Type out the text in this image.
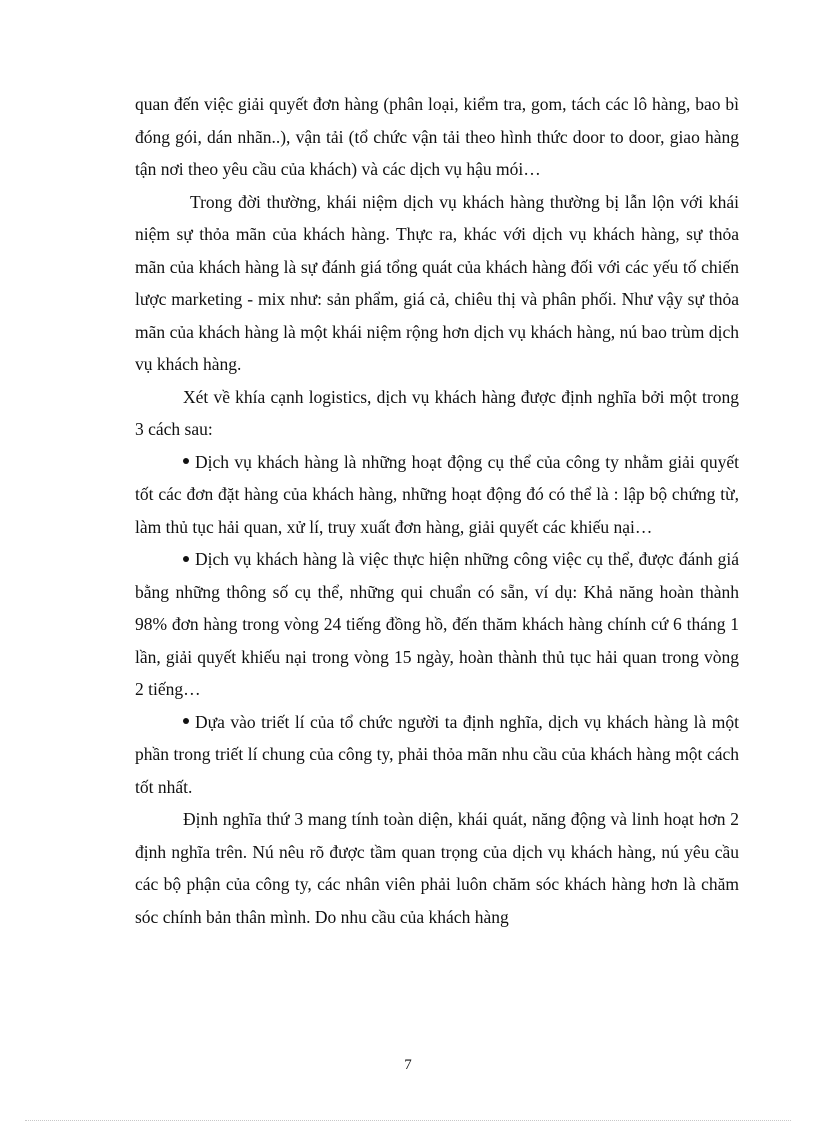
quan đến việc giải quyết đơn hàng (phân loại, kiểm tra, gom, tách các lô hàng, bao bì đóng gói, dán nhãn..), vận tải (tổ chức vận tải theo hình thức door to door, giao hàng tận nơi theo yêu cầu của khách) và các dịch vụ hậu mói…

Trong đời thường, khái niệm dịch vụ khách hàng thường bị lẫn lộn với khái niệm sự thỏa mãn của khách hàng. Thực ra, khác với dịch vụ khách hàng, sự thỏa mãn của khách hàng là sự đánh giá tổng quát của khách hàng đối với các yếu tố chiến lược marketing - mix như: sản phẩm, giá cả, chiêu thị và phân phối. Như vậy sự thỏa mãn của khách hàng là một khái niệm rộng hơn dịch vụ khách hàng, nú bao trùm dịch vụ khách hàng.

Xét về khía cạnh logistics, dịch vụ khách hàng được định nghĩa bởi một trong 3 cách sau:

Dịch vụ khách hàng là những hoạt động cụ thể của công ty nhằm giải quyết tốt các đơn đặt hàng của khách hàng, những hoạt động đó có thể là : lập bộ chứng từ, làm thủ tục hải quan, xử lí, truy xuất đơn hàng, giải quyết các khiếu nại…

Dịch vụ khách hàng là việc thực hiện những công việc cụ thể, được đánh giá bằng những thông số cụ thể, những qui chuẩn có sẵn, ví dụ: Khả năng hoàn thành 98% đơn hàng trong vòng 24 tiếng đồng hồ, đến thăm khách hàng chính cứ 6 tháng 1 lần, giải quyết khiếu nại trong vòng 15 ngày, hoàn thành thủ tục hải quan trong vòng 2 tiếng…

Dựa vào triết lí của tổ chức người ta định nghĩa, dịch vụ khách hàng là một phần trong triết lí chung của công ty, phải thỏa mãn nhu cầu của khách hàng một cách tốt nhất.

Định nghĩa thứ 3 mang tính toàn diện, khái quát, năng động và linh hoạt hơn 2 định nghĩa trên. Nú nêu rõ được tầm quan trọng của dịch vụ khách hàng, nú yêu cầu các bộ phận của công ty, các nhân viên phải luôn chăm sóc khách hàng hơn là chăm sóc chính bản thân mình. Do nhu cầu của khách hàng

7
